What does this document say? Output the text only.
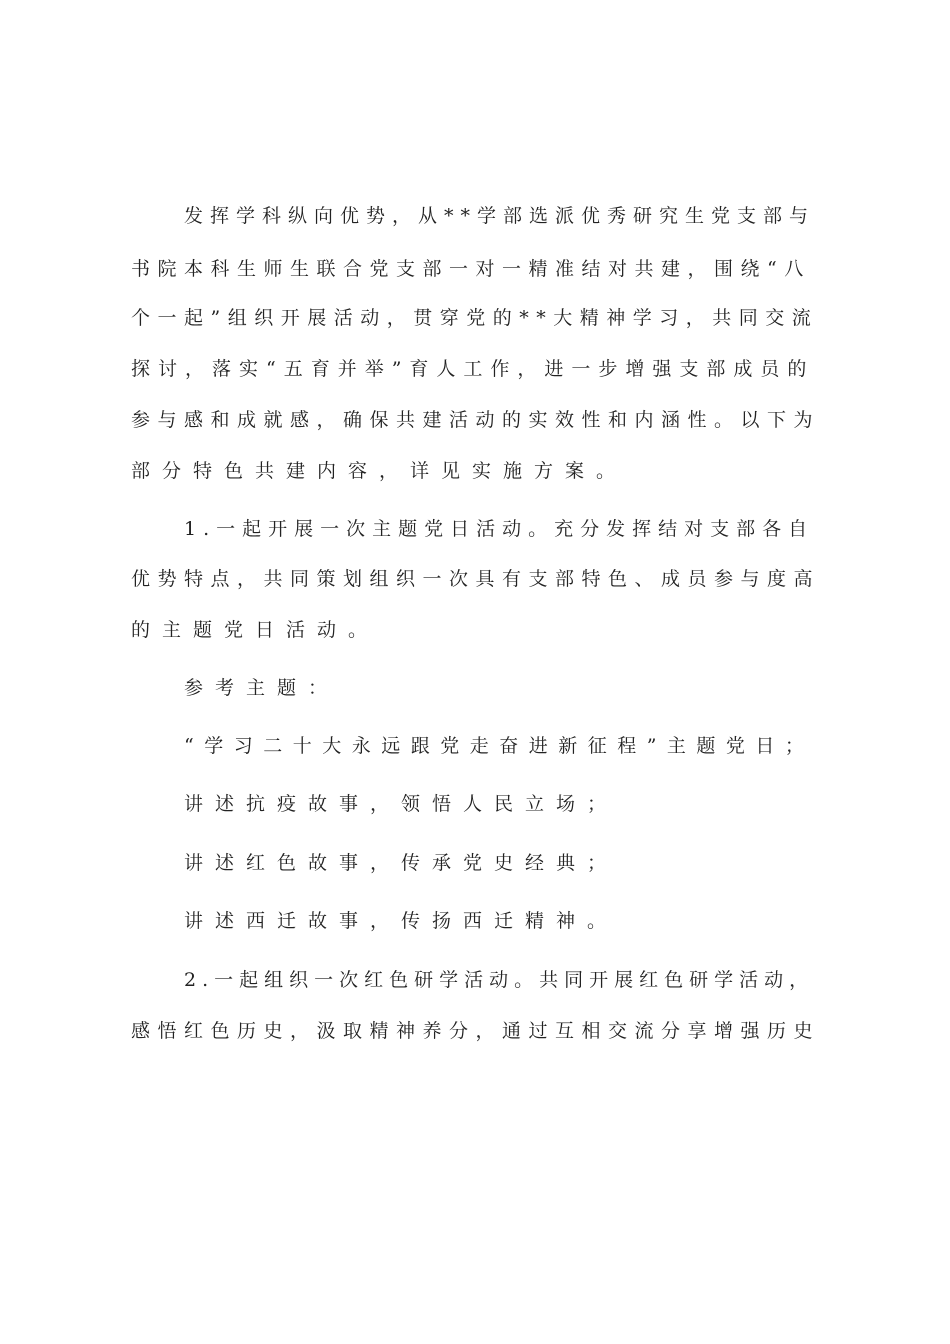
发挥学科纵向优势，从**学部选派优秀研究生党支部与
书院本科生师生联合党支部一对一精准结对共建，围绕“八
个一起”组织开展活动，贯穿党的**大精神学习，共同交流
探讨，落实“五育并举”育人工作，进一步增强支部成员的
参与感和成就感，确保共建活动的实效性和内涵性。以下为
部分特色共建内容，详见实施方案。
1.一起开展一次主题党日活动。充分发挥结对支部各自
优势特点，共同策划组织一次具有支部特色、成员参与度高
的主题党日活动。
参考主题：
“学习二十大永远跟党走奋进新征程”主题党日；
讲述抗疫故事，领悟人民立场；
讲述红色故事，传承党史经典；
讲述西迁故事，传扬西迁精神。
2.一起组织一次红色研学活动。共同开展红色研学活动，
感悟红色历史，汲取精神养分，通过互相交流分享增强历史
